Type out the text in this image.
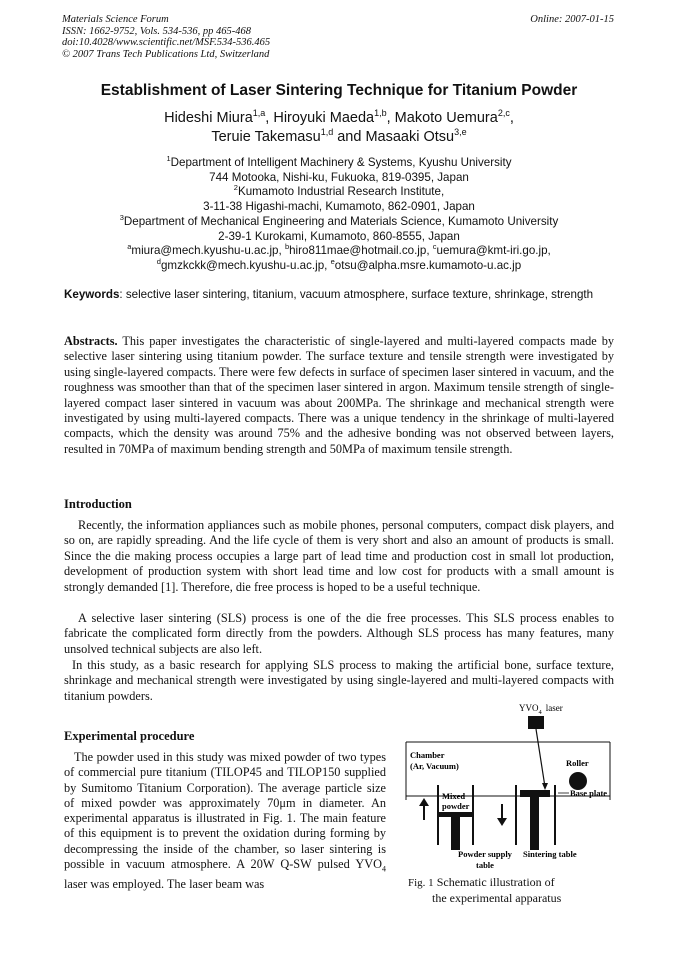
Materials Science Forum
ISSN: 1662-9752, Vols. 534-536, pp 465-468
doi:10.4028/www.scientific.net/MSF.534-536.465
© 2007 Trans Tech Publications Ltd, Switzerland
Online: 2007-01-15
Establishment of Laser Sintering Technique for Titanium Powder
Hideshi Miura$^{1,a}$, Hiroyuki Maeda$^{1,b}$, Makoto Uemura$^{2,c}$,
Teruie Takemasu$^{1,d}$ and Masaaki Otsu$^{3,e}$
$^1$Department of Intelligent Machinery & Systems, Kyushu University
744 Motooka, Nishi-ku, Fukuoka, 819-0395, Japan
$^2$Kumamoto Industrial Research Institute,
3-11-38 Higashi-machi, Kumamoto, 862-0901, Japan
$^3$Department of Mechanical Engineering and Materials Science, Kumamoto University
2-39-1 Kurokami, Kumamoto, 860-8555, Japan
$^a$miura@mech.kyushu-u.ac.jp, $^b$hiro811mae@hotmail.co.jp, $^c$uemura@kmt-iri.go.jp,
$^d$gmzkckk@mech.kyushu-u.ac.jp, $^e$otsu@alpha.msre.kumamoto-u.ac.jp
Keywords: selective laser sintering, titanium, vacuum atmosphere, surface texture, shrinkage, strength

Abstracts. This paper investigates the characteristic of single-layered and multi-layered compacts made by selective laser sintering using titanium powder. The surface texture and tensile strength were investigated by using single-layered compacts. There were few defects in surface of specimen laser sintered in vacuum, and the roughness was smoother than that of the specimen laser sintered in argon. Maximum tensile strength of single-layered compact laser sintered in vacuum was about 200MPa. The shrinkage and mechanical strength were investigated by using multi-layered compacts. There was a unique tendency in the shrinkage of multi-layered compacts, which the density was around 75% and the adhesive bonding was not observed between layers, resulted in 70MPa of maximum bending strength and 50MPa of maximum tensile strength.

Introduction

Recently, the information appliances such as mobile phones, personal computers, compact disk players, and so on, are rapidly spreading. And the life cycle of them is very short and also an amount of products is small. Since the die making process occupies a large part of lead time and production cost in small lot production, development of production system with short lead time and low cost for products with a small amount is strongly demanded [1]. Therefore, die free process is hoped to be a useful technique.

A selective laser sintering (SLS) process is one of the die free processes. This SLS process enables to fabricate the complicated form directly from the powders. Although SLS process has many features, many unsolved technical subjects are also left.

In this study, as a basic research for applying SLS process to making the artificial bone, surface texture, shrinkage and mechanical strength were investigated by using single-layered and multi-layered compacts with titanium powders.

Experimental procedure

The powder used in this study was mixed powder of two types of commercial pure titanium (TILOP45 and TILOP150 supplied by Sumitomo Titanium Corporation). The average particle size of mixed powder was approximately 70μm in diameter. An experimental apparatus is illustrated in Fig. 1. The main feature of this equipment is to prevent the oxidation during forming by decompressing the inside of the chamber, so laser sintering is possible in vacuum atmosphere. A 20W Q-SW pulsed $YVO_4$ laser was employed. The laser beam was

$YVO_4$ laser
Chamber
(Ar, Vacuum)	Roller
Mixed
powder
Base plate
Powder supply
table
Sintering table
Fig. 1 Schematic illustration of
the experimental apparatus
